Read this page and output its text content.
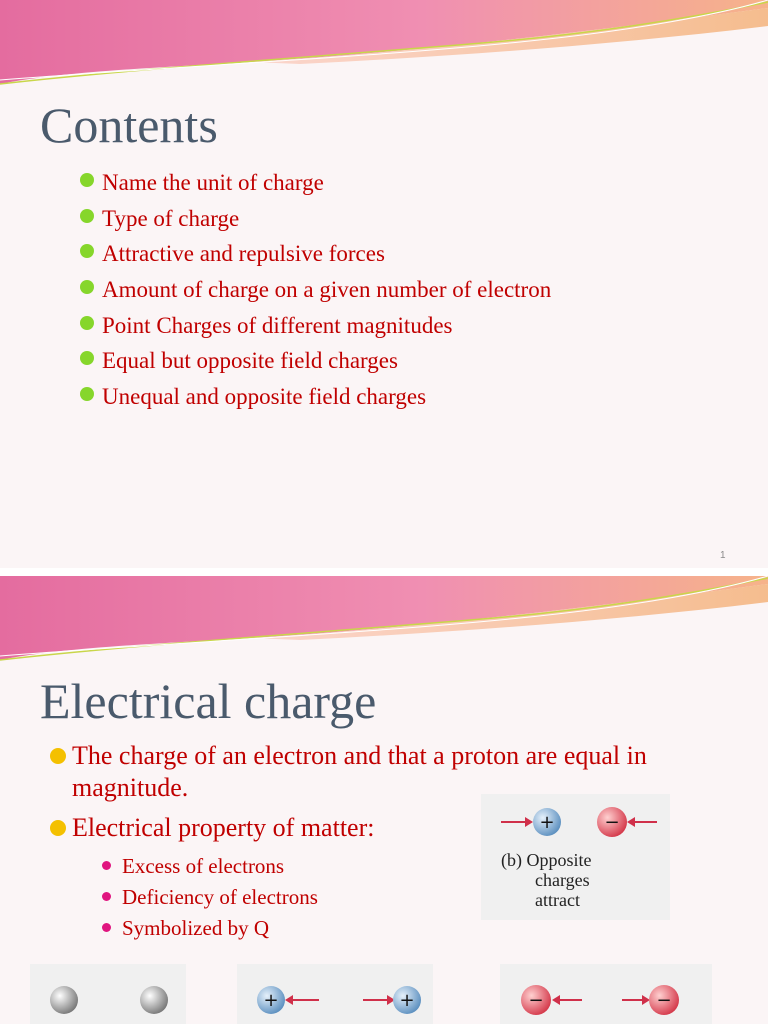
Contents
Name the unit of charge
Type of charge
Attractive and repulsive forces
Amount of charge on a given number of electron
Point Charges of different magnitudes
Equal but opposite field charges
Unequal and opposite field charges
1
Electrical charge
The charge of an electron and that a proton are equal in magnitude.
Electrical property of matter:
Excess of electrons
Deficiency of electrons
Symbolized by Q
+	−
(b) Opposite
charges
attract
+	+	−	−
